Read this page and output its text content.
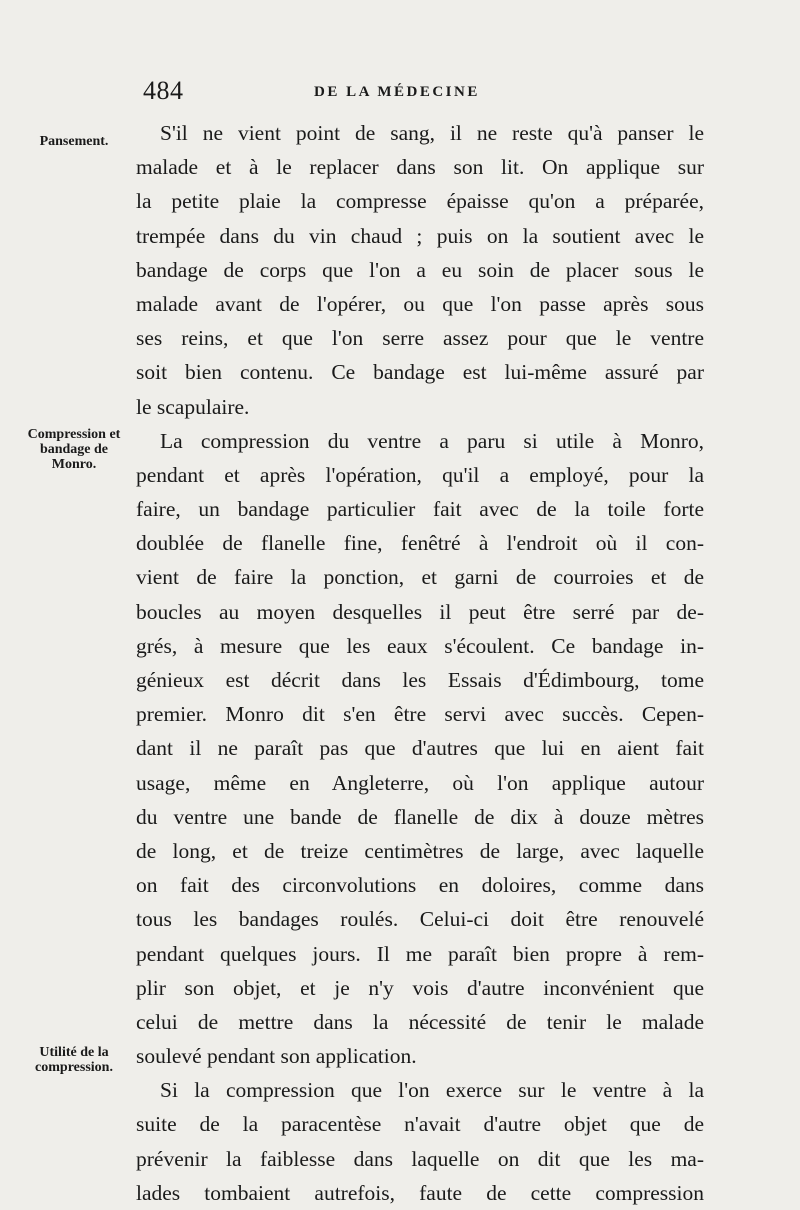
484	DE LA MÉDECINE
Pansement.
Compression et bandage de Monro.
Utilité de la compression.
S'il ne vient point de sang, il ne reste qu'à panser le
malade et à le replacer dans son lit. On applique sur
la petite plaie la compresse épaisse qu'on a préparée,
trempée dans du vin chaud ; puis on la soutient avec le
bandage de corps que l'on a eu soin de placer sous le
malade avant de l'opérer, ou que l'on passe après sous
ses reins, et que l'on serre assez pour que le ventre
soit bien contenu. Ce bandage est lui-même assuré par
le scapulaire.
La compression du ventre a paru si utile à Monro,
pendant et après l'opération, qu'il a employé, pour la
faire, un bandage particulier fait avec de la toile forte
doublée de flanelle fine, fenêtré à l'endroit où il con-
vient de faire la ponction, et garni de courroies et de
boucles au moyen desquelles il peut être serré par de-
grés, à mesure que les eaux s'écoulent. Ce bandage in-
génieux est décrit dans les Essais d'Édimbourg, tome
premier. Monro dit s'en être servi avec succès. Cepen-
dant il ne paraît pas que d'autres que lui en aient fait
usage, même en Angleterre, où l'on applique autour
du ventre une bande de flanelle de dix à douze mètres
de long, et de treize centimètres de large, avec laquelle
on fait des circonvolutions en doloires, comme dans
tous les bandages roulés. Celui-ci doit être renouvelé
pendant quelques jours. Il me paraît bien propre à rem-
plir son objet, et je n'y vois d'autre inconvénient que
celui de mettre dans la nécessité de tenir le malade
soulevé pendant son application.
Si la compression que l'on exerce sur le ventre à la
suite de la paracentèse n'avait d'autre objet que de
prévenir la faiblesse dans laquelle on dit que les ma-
lades tombaient autrefois, faute de cette compression
